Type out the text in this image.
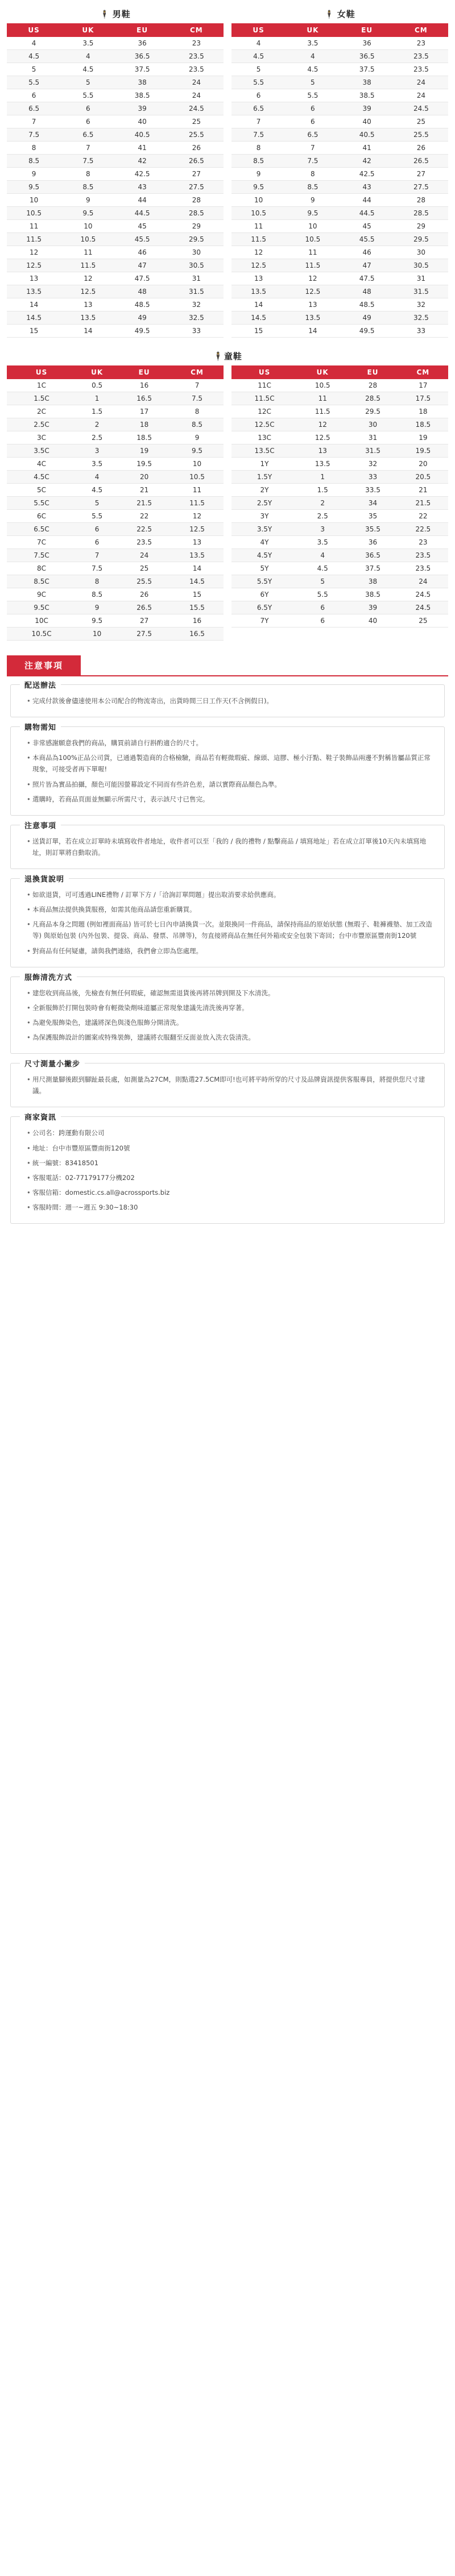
🕴 男鞋
US	UK	EU	CM
4	3.5	36	23
4.5	4	36.5	23.5
5	4.5	37.5	23.5
5.5	5	38	24
6	5.5	38.5	24
6.5	6	39	24.5
7	6	40	25
7.5	6.5	40.5	25.5
8	7	41	26
8.5	7.5	42	26.5
9	8	42.5	27
9.5	8.5	43	27.5
10	9	44	28
10.5	9.5	44.5	28.5
11	10	45	29
11.5	10.5	45.5	29.5
12	11	46	30
12.5	11.5	47	30.5
13	12	47.5	31
13.5	12.5	48	31.5
14	13	48.5	32
14.5	13.5	49	32.5
15	14	49.5	33
🕴 女鞋
US	UK	EU	CM
4	3.5	36	23
4.5	4	36.5	23.5
5	4.5	37.5	23.5
5.5	5	38	24
6	5.5	38.5	24
6.5	6	39	24.5
7	6	40	25
7.5	6.5	40.5	25.5
8	7	41	26
8.5	7.5	42	26.5
9	8	42.5	27
9.5	8.5	43	27.5
10	9	44	28
10.5	9.5	44.5	28.5
11	10	45	29
11.5	10.5	45.5	29.5
12	11	46	30
12.5	11.5	47	30.5
13	12	47.5	31
13.5	12.5	48	31.5
14	13	48.5	32
14.5	13.5	49	32.5
15	14	49.5	33
🕴童鞋
US	UK	EU	CM
1C	0.5	16	7
1.5C	1	16.5	7.5
2C	1.5	17	8
2.5C	2	18	8.5
3C	2.5	18.5	9
3.5C	3	19	9.5
4C	3.5	19.5	10
4.5C	4	20	10.5
5C	4.5	21	11
5.5C	5	21.5	11.5
6C	5.5	22	12
6.5C	6	22.5	12.5
7C	6	23.5	13
7.5C	7	24	13.5
8C	7.5	25	14
8.5C	8	25.5	14.5
9C	8.5	26	15
9.5C	9	26.5	15.5
10C	9.5	27	16
10.5C	10	27.5	16.5
US	UK	EU	CM
11C	10.5	28	17
11.5C	11	28.5	17.5
12C	11.5	29.5	18
12.5C	12	30	18.5
13C	12.5	31	19
13.5C	13	31.5	19.5
1Y	13.5	32	20
1.5Y	1	33	20.5
2Y	1.5	33.5	21
2.5Y	2	34	21.5
3Y	2.5	35	22
3.5Y	3	35.5	22.5
4Y	3.5	36	23
4.5Y	4	36.5	23.5
5Y	4.5	37.5	23.5
5.5Y	5	38	24
6Y	5.5	38.5	24.5
6.5Y	6	39	24.5
7Y	6	40	25
注意事項
配送辦法
• 完成付款後會儘速使用本公司配合的物流寄出，出貨時間三日工作天(不含例假日)。
購物需知
• 非常感謝願意我們的商品，購買前請自行斟酌適合的尺寸。
• 本商品為100%正品公司貨，已通過製造商的合格檢驗，商品若有輕微瑕疵、線頭、這膠、極小汙點、鞋子裝飾品兩邊不對稱皆屬品質正常現象，可接受者再下單喔!
• 照片皆為實品拍攝，顏色可能因螢幕設定不同而有些許色差，請以實際商品顏色為準。
• 選購時，若商品頁面並無顯示所需尺寸，表示該尺寸已售完。
注意事項
• 送貨訂單，若在成立訂單時未填寫收件者地址，收件者可以至「我的 / 我的禮物 / 點擊商品 / 填寫地址」若在成立訂單後10天內未填寫地址，則訂單將自動取消。
退換貨說明
• 如欲退貨，可可透過LINE禮物 / 訂單下方 /「洽詢訂單問題」提出取消要求給供應商。
• 本商品無法提供換貨服務，如需其他商品請您重新購買。
• 凡商品本身之問題 (例如裡面商品) 皆可於七日內申請換貨一次。並限換同一件商品，請保持商品的原始狀態 (無瑕子、鞋褲襪墊、加工改造等) 與原始包裝 (內外包裝、提袋、商品、發票、吊牌等)，勿直接將商品在無任何外箱或安全包裝下寄回；台中市豐原區豐南街120號
• 對商品有任何疑慮，請與我們連絡，我們會立即為您處理。
服飾清洗方式
• 建您收到商品後，先檢查有無任何瑕疵，確認無需退貨後再將吊牌到開及下水清洗。
• 全新服飾於打開包裝時會有輕微染劑味道屬正常現象建議先清洗後再穿著。
• 為避免服飾染色，建議將深色與淺色服飾分開清洗。
• 為保護服飾設計的圖案或特殊裝飾，建議將衣服翻至反面並放入洗衣袋清洗。
尺寸測量小撇步
• 用尺測量腳後跟到腳趾最長處，如測量為27CM，則點選27.5CM即可!也可將平時所穿的尺寸及品牌資訊提供客服專員，將提供您尺寸建議。
商家資訊
• 公司名：跨運動有限公司
• 地址：台中市豐原區豐南街120號
• 統一編號：83418501
• 客服電話：02-77179177分機202
• 客服信箱：domestic.cs.all@acrossports.biz
• 客服時間：週一~週五 9:30~18:30
